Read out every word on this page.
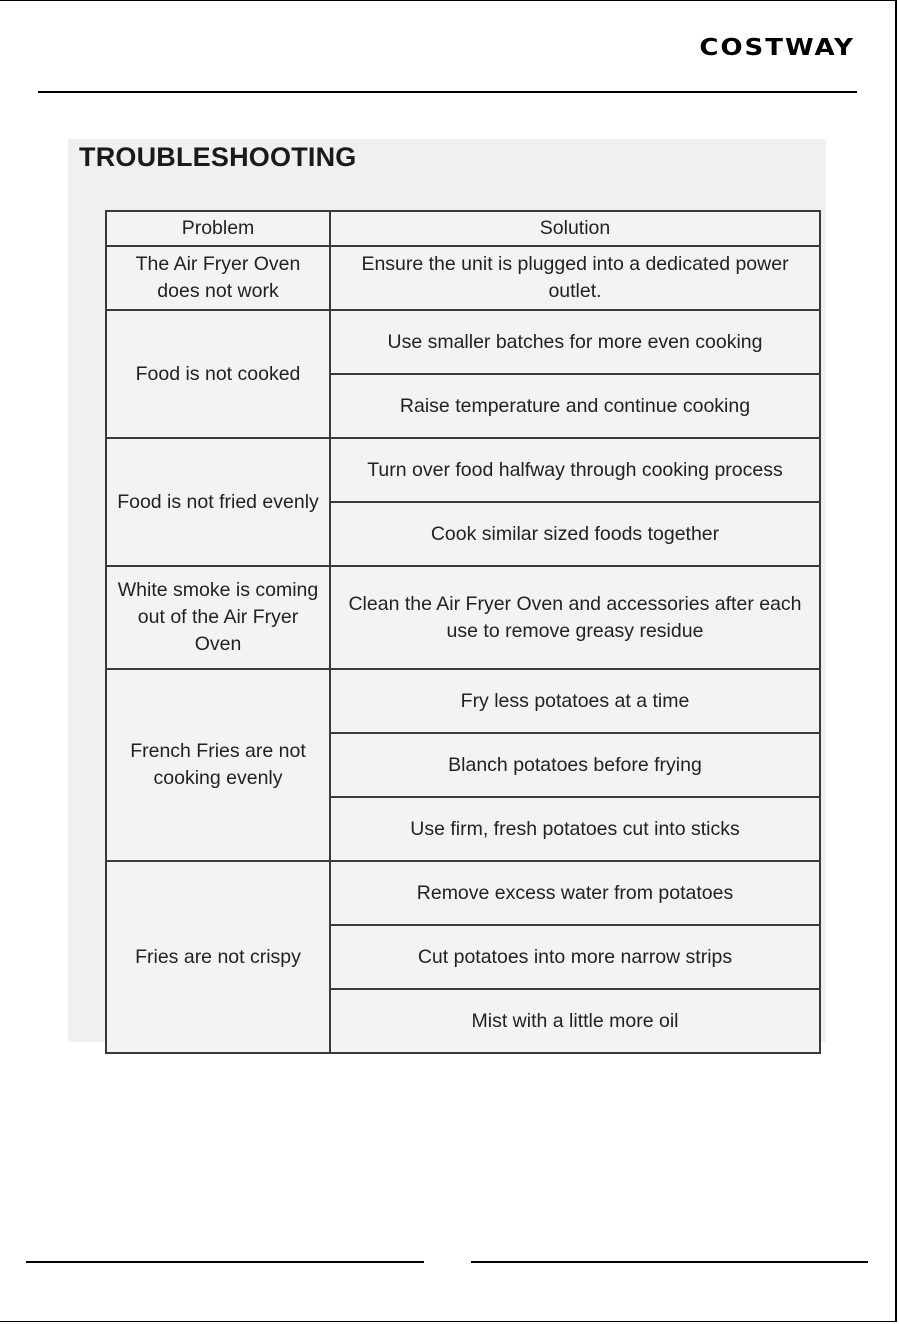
COSTWAY
TROUBLESHOOTING
Problem	Solution
The Air Fryer Oven does not work	Ensure the unit is plugged into a dedicated power outlet.
Food is not cooked	Use smaller batches for more even cooking
	Raise temperature and continue cooking
Food is not fried evenly	Turn over food halfway through cooking process
	Cook similar sized foods together
White smoke is coming out of the Air Fryer Oven	Clean the Air Fryer Oven and accessories after each use to remove greasy residue
French Fries are not cooking evenly	Fry less potatoes at a time
	Blanch potatoes before frying
	Use firm, fresh potatoes cut into sticks
Fries are not crispy	Remove excess water from potatoes
	Cut potatoes into more narrow strips
	Mist with a little more oil
